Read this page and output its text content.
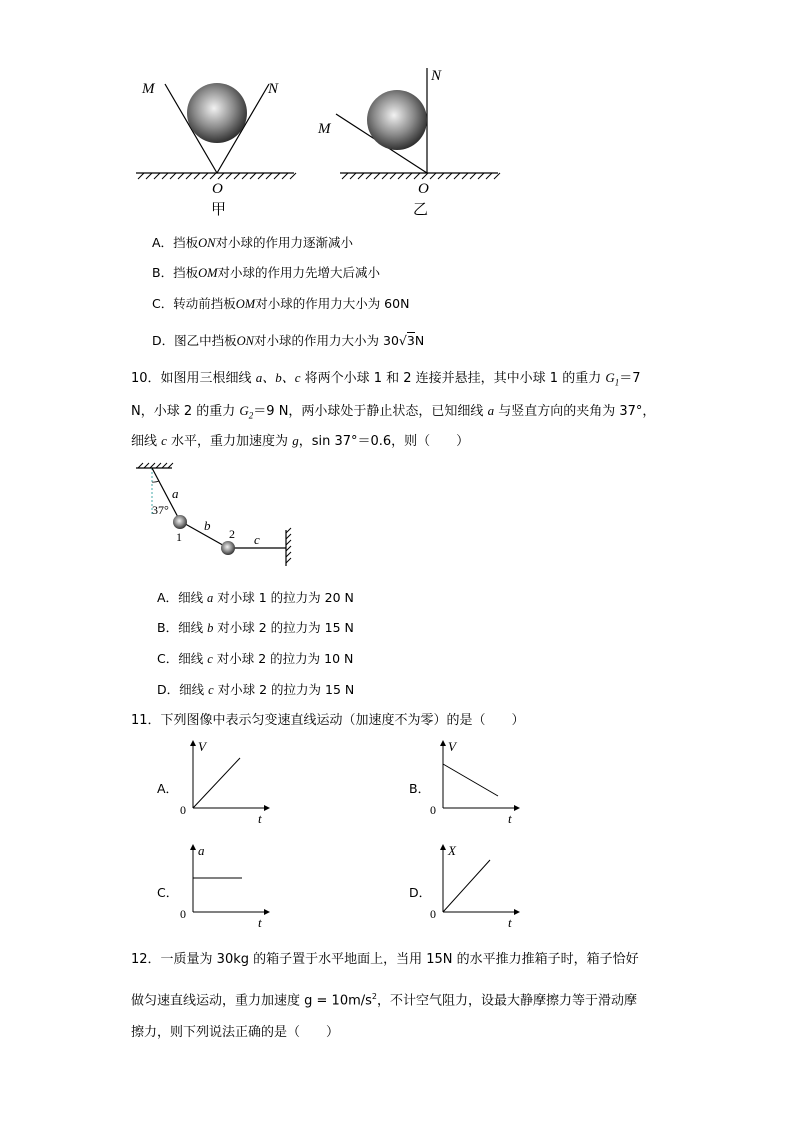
M	N
O
甲
M
N
O
乙
A．挡板ON对小球的作用力逐渐减小
B．挡板OM对小球的作用力先增大后减小
C．转动前挡板OM对小球的作用力大小为 60N
D．图乙中挡板ON对小球的作用力大小为 30√3N
10．如图用三根细线 a、b、c 将两个小球 1 和 2 连接并悬挂，其中小球 1 的重力 $G_1=7$
N，小球 2 的重力 $G_2=9$ N，两小球处于静止状态，已知细线 a 与竖直方向的夹角为 37°，
细线 c 水平，重力加速度为 g，sin 37°＝0.6，则（　　）
a
37°
1
b
2 c
A．细线 a 对小球 1 的拉力为 20 N
B．细线 b 对小球 2 的拉力为 15 N
C．细线 c 对小球 2 的拉力为 10 N
D．细线 c 对小球 2 的拉力为 15 N
11．下列图像中表示匀变速直线运动（加速度不为零）的是（　　）
A．
V
t
0
B．
V
t
0
C．
a
t
0
D．
X
t
0
12．一质量为 30kg 的箱子置于水平地面上，当用 15N 的水平推力推箱子时，箱子恰好
做匀速直线运动，重力加速度 $g = 10m/s^2$，不计空气阻力，设最大静摩擦力等于滑动摩
擦力，则下列说法正确的是（　　）
